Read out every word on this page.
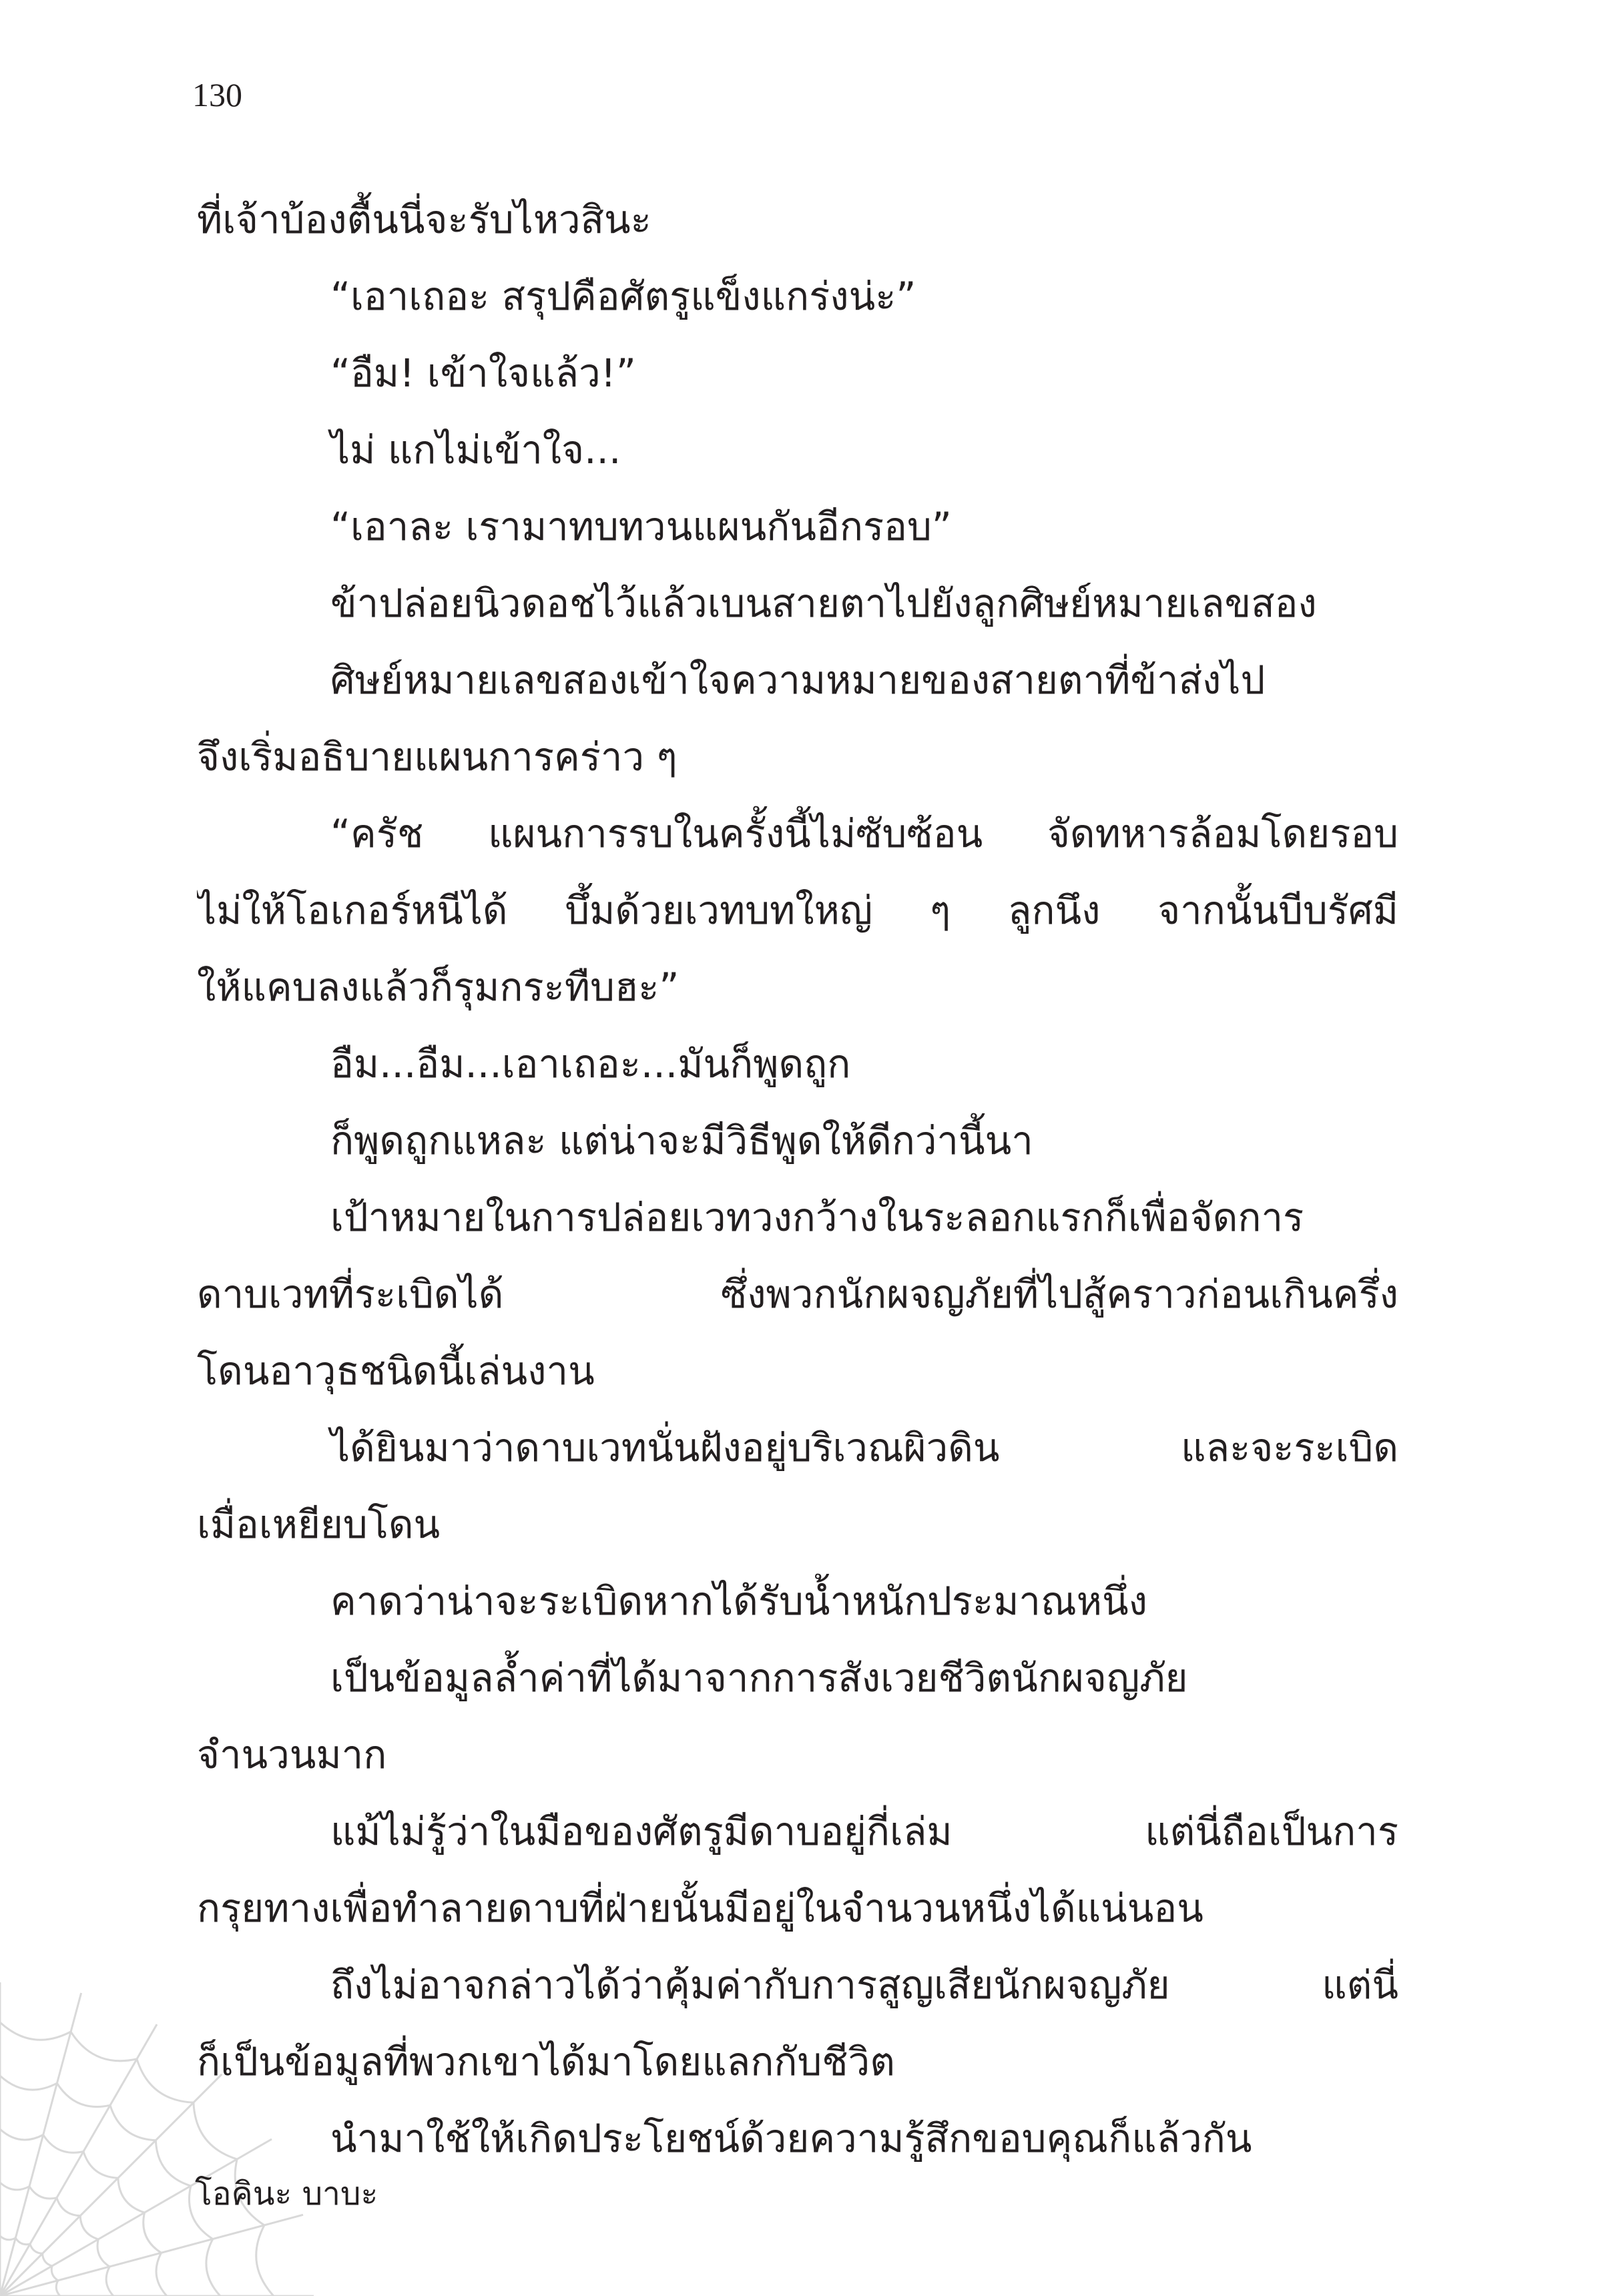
130
ที่เจ้าบ้องตื้นนี่จะรับไหวสินะ
“เอาเถอะ สรุปคือศัตรูแข็งแกร่งน่ะ”
“อืม! เข้าใจแล้ว!”
ไม่ แกไม่เข้าใจ...
“เอาละ เรามาทบทวนแผนกันอีกรอบ”
ข้าปล่อยนิวดอชไว้แล้วเบนสายตาไปยังลูกศิษย์หมายเลขสอง
ศิษย์หมายเลขสองเข้าใจความหมายของสายตาที่ข้าส่งไป
จึงเริ่มอธิบายแผนการคร่าว ๆ
“ครัช แผนการรบในครั้งนี้ไม่ซับซ้อน จัดทหารล้อมโดยรอบ
ไม่ให้โอเกอร์หนีได้ บึ้มด้วยเวทบทใหญ่ ๆ ลูกนึง จากนั้นบีบรัศมี
ให้แคบลงแล้วก็รุมกระทืบฮะ”
อืม...อืม...เอาเถอะ...มันก็พูดถูก
ก็พูดถูกแหละ แต่น่าจะมีวิธีพูดให้ดีกว่านี้นา
เป้าหมายในการปล่อยเวทวงกว้างในระลอกแรกก็เพื่อจัดการ
ดาบเวทที่ระเบิดได้ ซึ่งพวกนักผจญภัยที่ไปสู้คราวก่อนเกินครึ่ง
โดนอาวุธชนิดนี้เล่นงาน
ได้ยินมาว่าดาบเวทนั่นฝังอยู่บริเวณผิวดิน และจะระเบิด
เมื่อเหยียบโดน
คาดว่าน่าจะระเบิดหากได้รับน้ำหนักประมาณหนึ่ง
เป็นข้อมูลล้ำค่าที่ได้มาจากการสังเวยชีวิตนักผจญภัย
จำนวนมาก
แม้ไม่รู้ว่าในมือของศัตรูมีดาบอยู่กี่เล่ม แต่นี่ถือเป็นการ
กรุยทางเพื่อทำลายดาบที่ฝ่ายนั้นมีอยู่ในจำนวนหนึ่งได้แน่นอน
ถึงไม่อาจกล่าวได้ว่าคุ้มค่ากับการสูญเสียนักผจญภัย แต่นี่
ก็เป็นข้อมูลที่พวกเขาได้มาโดยแลกกับชีวิต
นำมาใช้ให้เกิดประโยชน์ด้วยความรู้สึกขอบคุณก็แล้วกัน
โอคินะ บาบะ
